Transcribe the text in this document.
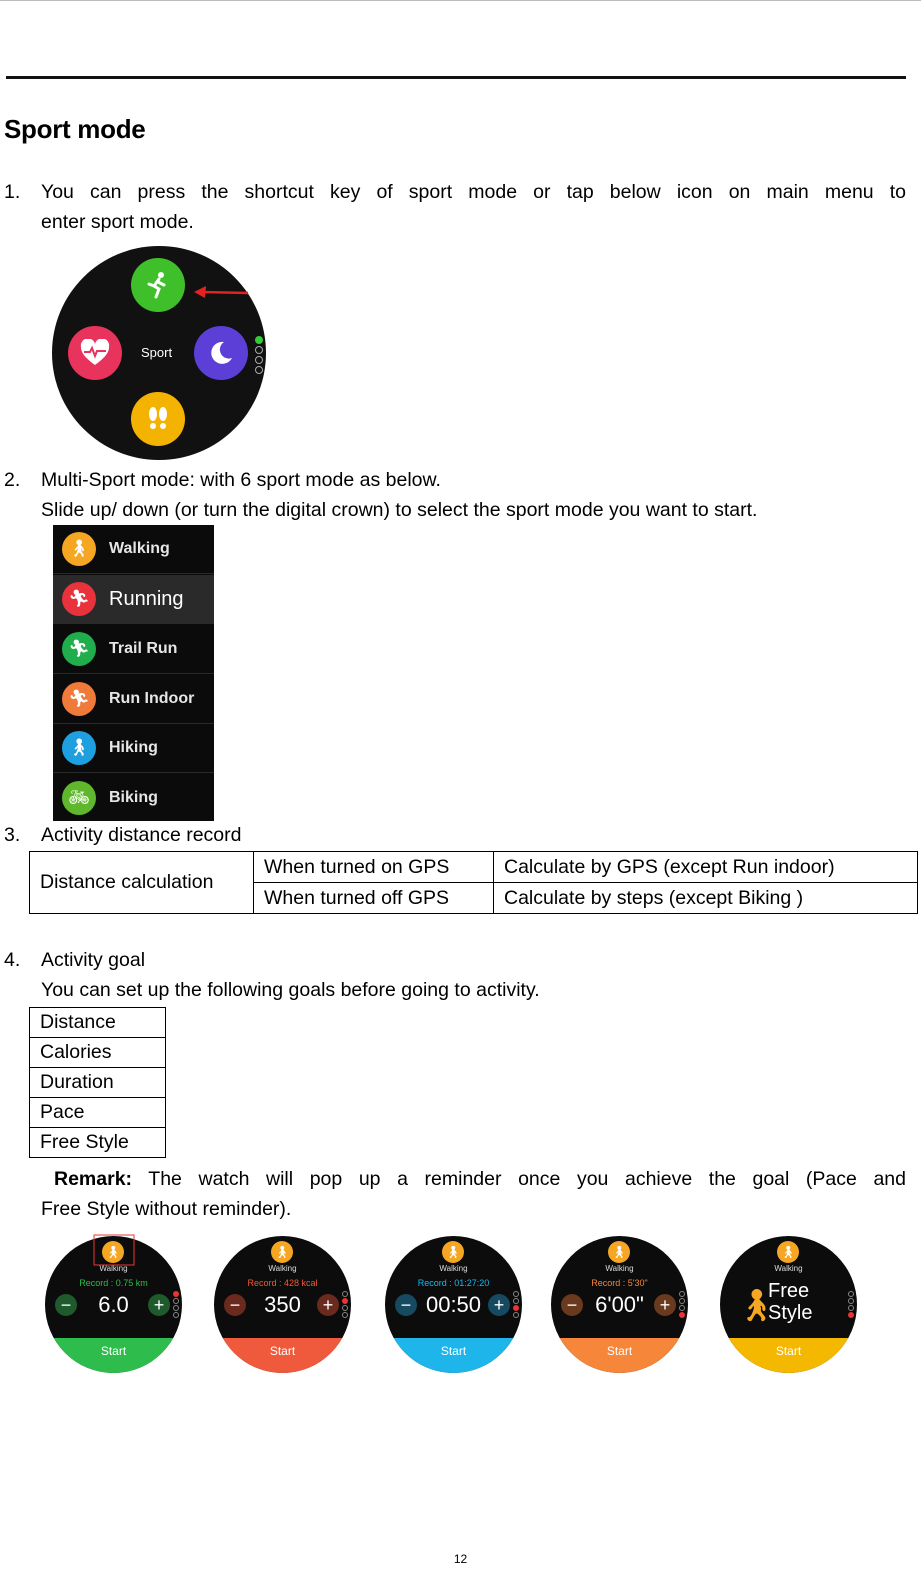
Sport mode
1. You can press the shortcut key of sport mode or tap below icon on main menu to
enter sport mode.
Sport	z
2. Multi-Sport mode: with 6 sport mode as below.
Slide up/ down (or turn the digital crown) to select the sport mode you want to start.
🚶︎	Walking
🏃︎ Running
🏃︎	Trail Run
🏃︎	Run Indoor
🚶︎	Hiking
🚲︎	Biking
3. Activity distance record
Distance calculation	When turned on GPS	Calculate by GPS (except Run indoor)
	When turned off GPS	Calculate by steps (except Biking )
4. Activity goal
You can set up the following goals before going to activity.
Distance
Calories
Duration
Pace
Free Style
Remark: The watch will pop up a reminder once you achieve the goal (Pace and
Free Style without reminder).
🚶︎
Walking
Record : 0.75 km
−	6.0	+
Start
🚶︎
Walking
Record : 428 kcal
−	350	+
Start
🚶︎
Walking
Record : 01:27:20
− 00:50 +
Start
🚶︎
Walking
Record : 5'30"
− 6'00" +
Start
🚶︎
Walking
🚶︎
Free
Style
Start
12
